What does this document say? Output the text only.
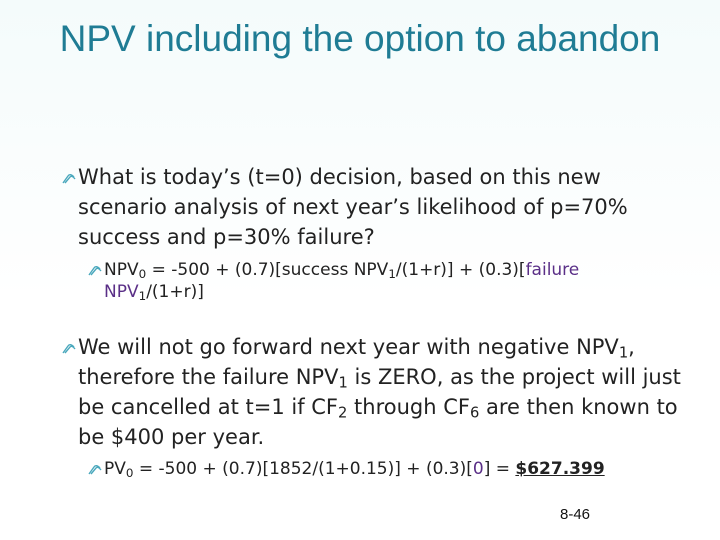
NPV including the option to abandon

What is today’s (t=0) decision, based on this new scenario analysis of next year’s likelihood of p=70% success and p=30% failure?

$NPV_0 = -500$ + (0.7)[success $NPV_1/(1+r)$] + (0.3)[failure $NPV_1/(1+r)$]

We will not go forward next year with negative $NPV_1$, therefore the failure $NPV_1$ is ZERO, as the project will just be cancelled at t=1 if $CF_2$ through $CF_6$ are then known to be $400 per year.

$PV_0 = -500 + (0.7)[1852/(1+0.15)] + (0.3)[0]$ = $627.399

8-46
